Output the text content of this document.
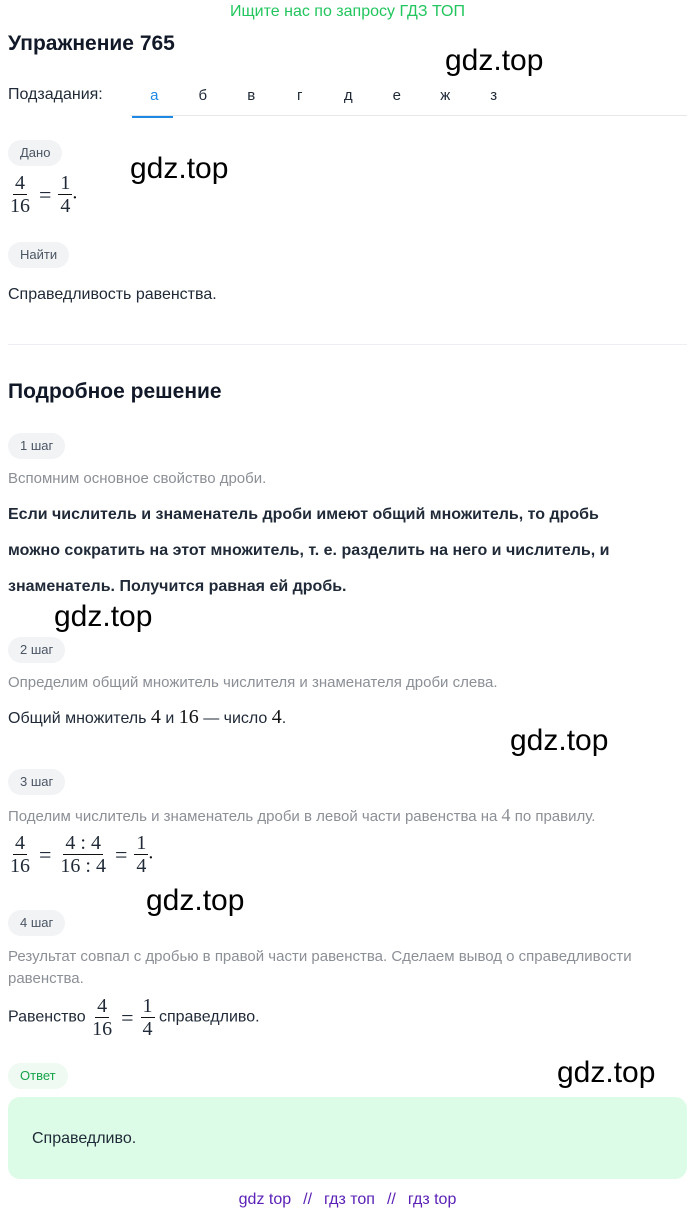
Ищите нас по запросу ГДЗ ТОП
Упражнение 765
gdz.top
Подзадания:	а	б	в	г	д	е	ж	з
Дано
$\frac{4}{16} = \frac{1}{4}$ .
gdz.top
Найти
Справедливость равенства.
Подробное решение
1 шаг
Вспомним основное свойство дроби.
Если числитель и знаменатель дроби имеют общий множитель, то дробь
можно сократить на этот множитель, т. е. разделить на него и числитель, и
знаменатель. Получится равная ей дробь.
gdz.top
2 шаг
Определим общий множитель числителя и знаменателя дроби слева.
Общий множитель 4 и 16 — число 4.
gdz.top
3 шаг
Поделим числитель и знаменатель дроби в левой части равенства на 4 по правилу.
$\frac{4}{16} = \frac{4 : 4}{16 : 4} = \frac{1}{4}$ .
gdz.top
4 шаг
Результат совпал с дробью в правой части равенства. Сделаем вывод о справедливости
равенства.
Равенство $\frac{4}{16} = \frac{1}{4}$ справедливо.
Ответ	gdz.top
Справедливо.
gdz top // гдз топ // гдз top
